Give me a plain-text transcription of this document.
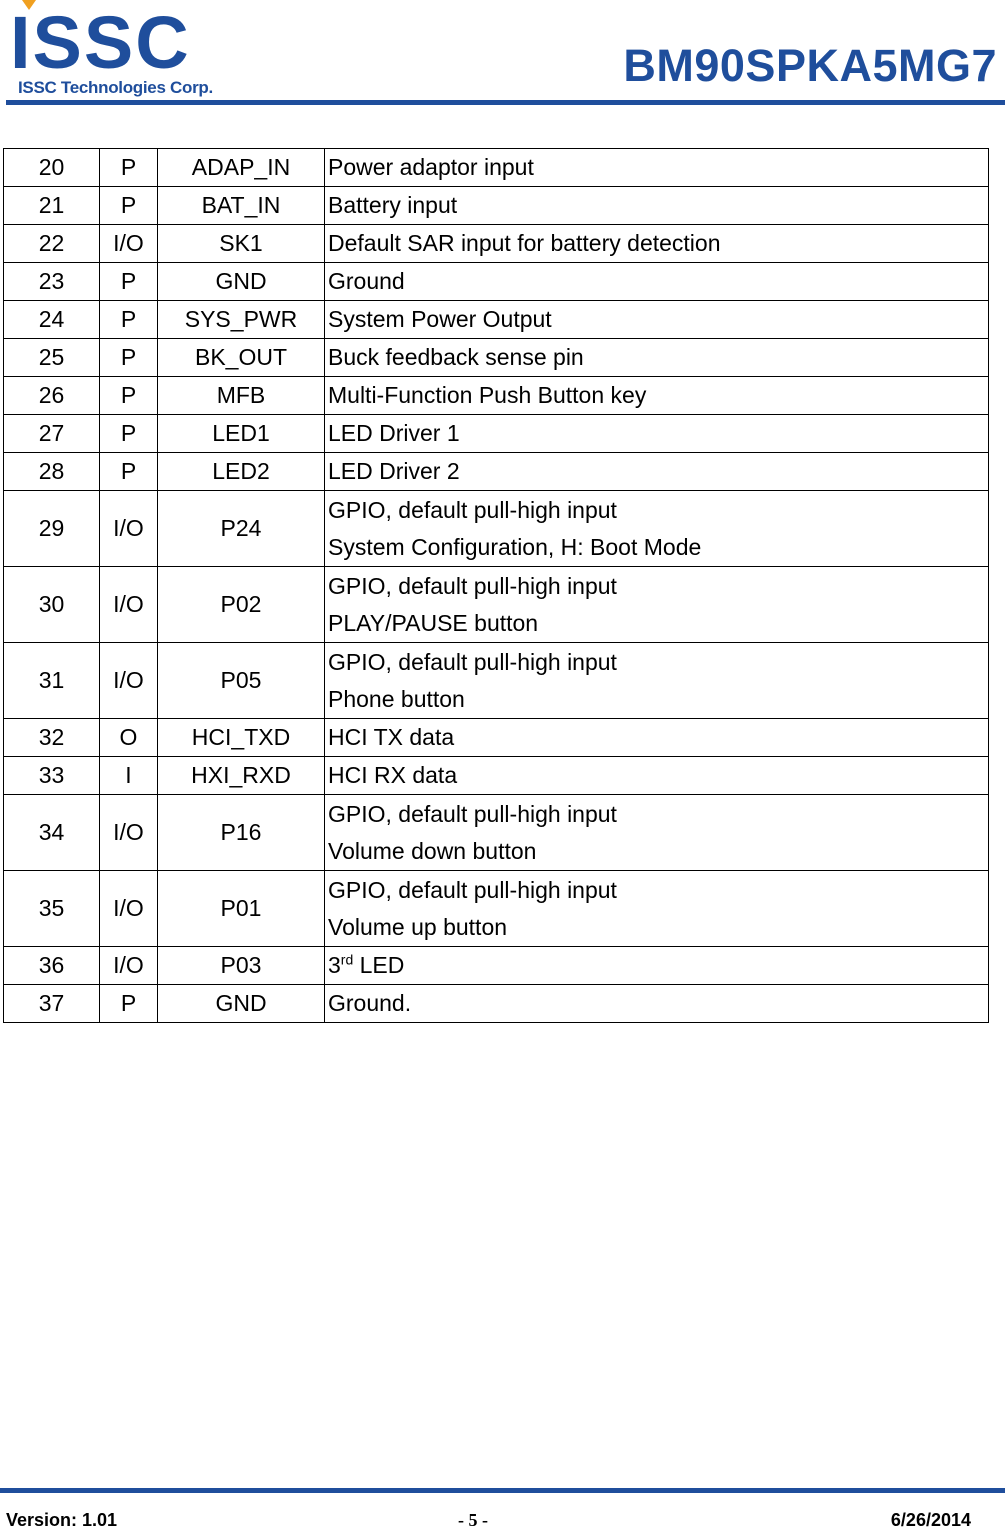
ISSC
ISSC Technologies Corp.	BM90SPKA5MG7
20	P	ADAP_IN	Power adaptor input

21	P	BAT_IN	Battery input

22	I/O	SK1	Default SAR input for battery detection

23	P	GND	Ground

24	P	SYS_PWR	System Power Output

25	P	BK_OUT	Buck feedback sense pin

26	P	MFB	Multi-Function Push Button key

27	P	LED1	LED Driver 1

28	P	LED2	LED Driver 2

29	I/O	P24	GPIO, default pull-high input
System Configuration, H: Boot Mode

30	I/O	P02	GPIO, default pull-high input
PLAY/PAUSE button

31	I/O	P05	GPIO, default pull-high input
Phone button

32	O	HCI_TXD	HCI TX data

33	I	HXI_RXD	HCI RX data

34	I/O	P16	GPIO, default pull-high input
Volume down button

35	I/O	P01	GPIO, default pull-high input
Volume up button

36	I/O	P03	3rd LED
37	P	GND	Ground.
Version: 1.01	- 5 -	6/26/2014
